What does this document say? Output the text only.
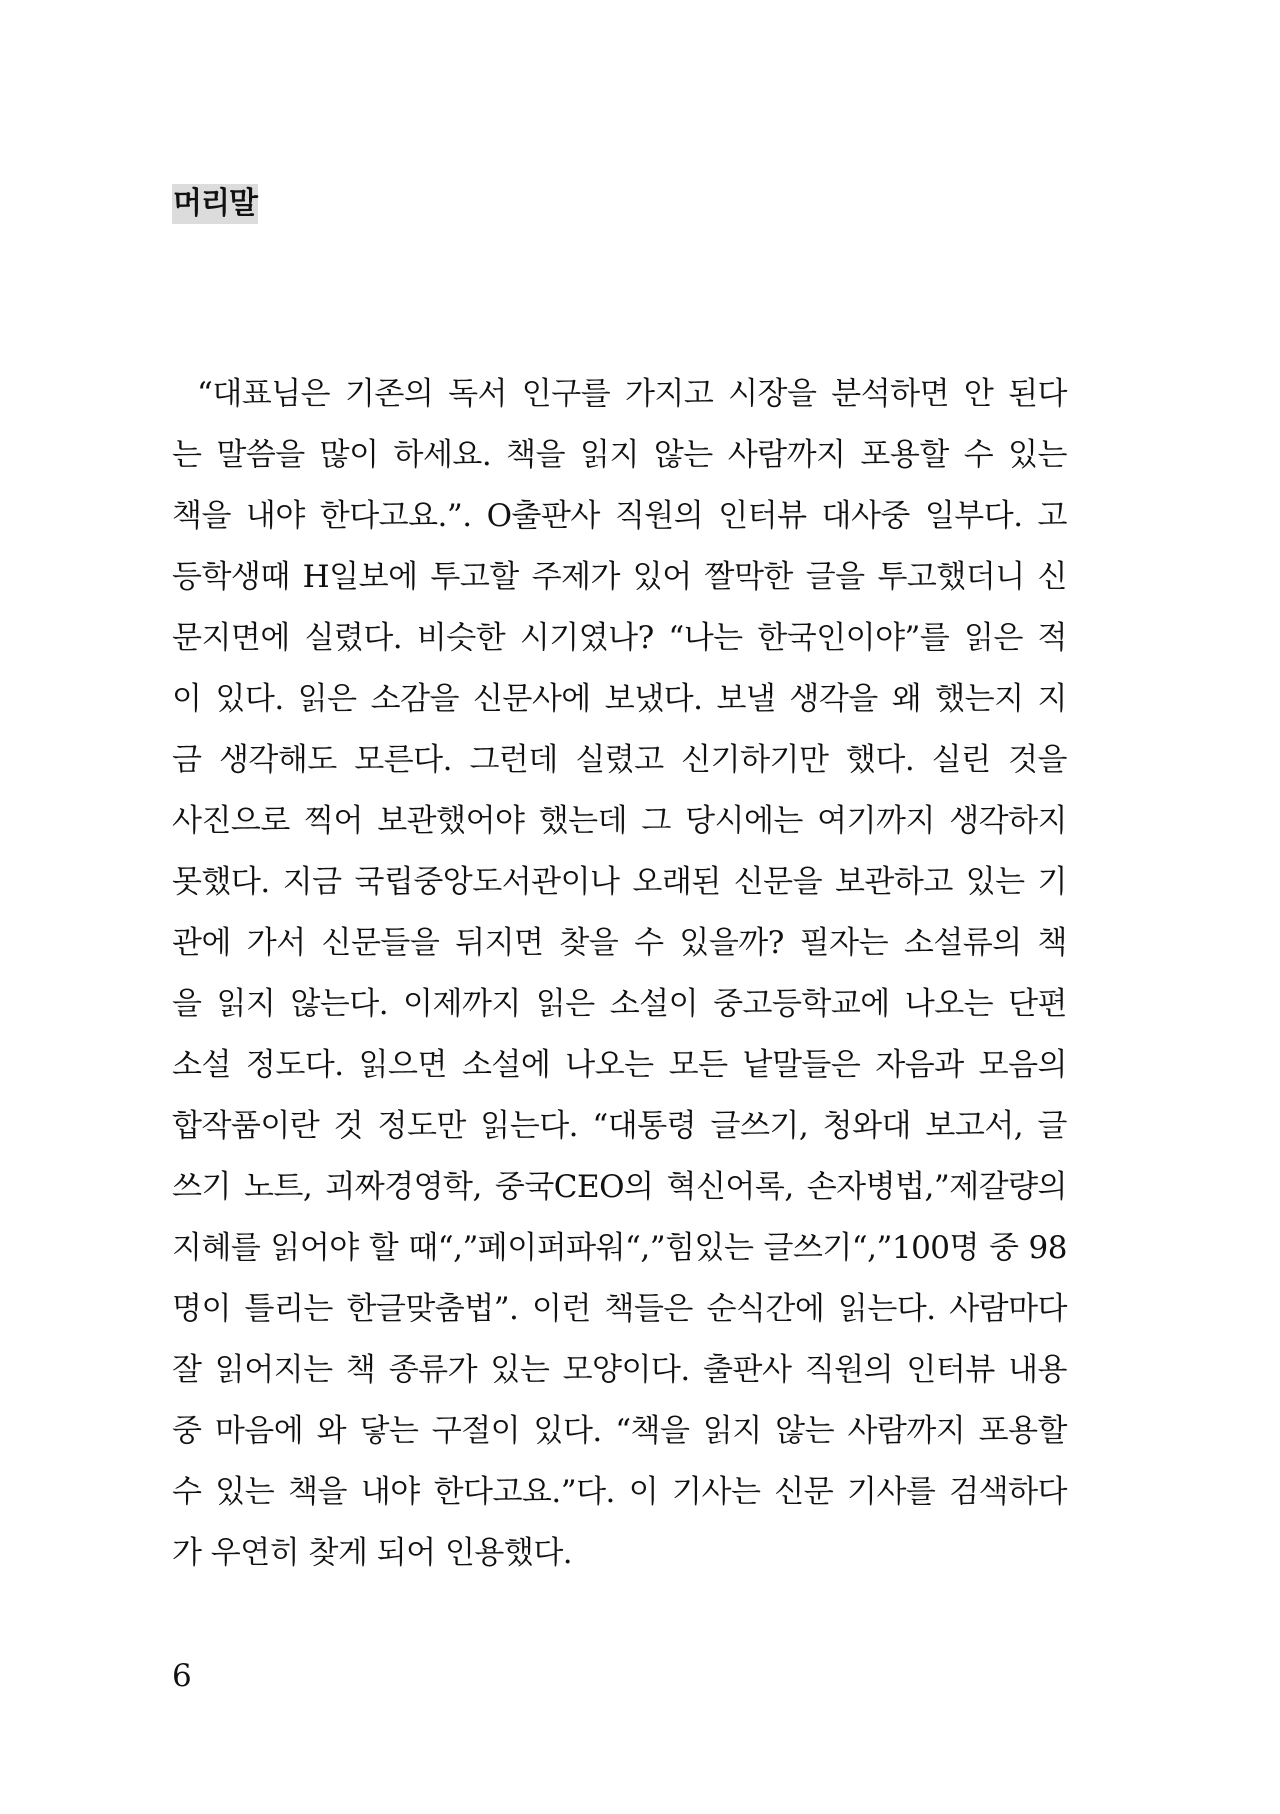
머리말
“대표님은 기존의 독서 인구를 가지고 시장을 분석하면 안 된다
는 말씀을 많이 하세요. 책을 읽지 않는 사람까지 포용할 수 있는
책을 내야 한다고요.”. O출판사 직원의 인터뷰 대사중 일부다. 고
등학생때 H일보에 투고할 주제가 있어 짤막한 글을 투고했더니 신
문지면에 실렸다. 비슷한 시기였나? “나는 한국인이야”를 읽은 적
이 있다. 읽은 소감을 신문사에 보냈다. 보낼 생각을 왜 했는지 지
금 생각해도 모른다. 그런데 실렸고 신기하기만 했다. 실린 것을
사진으로 찍어 보관했어야 했는데 그 당시에는 여기까지 생각하지
못했다. 지금 국립중앙도서관이나 오래된 신문을 보관하고 있는 기
관에 가서 신문들을 뒤지면 찾을 수 있을까? 필자는 소설류의 책
을 읽지 않는다. 이제까지 읽은 소설이 중고등학교에 나오는 단편
소설 정도다. 읽으면 소설에 나오는 모든 낱말들은 자음과 모음의
합작품이란 것 정도만 읽는다. “대통령 글쓰기, 청와대 보고서, 글
쓰기 노트, 괴짜경영학, 중국CEO의 혁신어록, 손자병법,”제갈량의
지혜를 읽어야 할 때“,”페이퍼파워“,”힘있는 글쓰기“,”100명 중 98
명이 틀리는 한글맞춤법”. 이런 책들은 순식간에 읽는다. 사람마다
잘 읽어지는 책 종류가 있는 모양이다. 출판사 직원의 인터뷰 내용
중 마음에 와 닿는 구절이 있다. “책을 읽지 않는 사람까지 포용할
수 있는 책을 내야 한다고요.”다. 이 기사는 신문 기사를 검색하다
가 우연히 찾게 되어 인용했다.
6
